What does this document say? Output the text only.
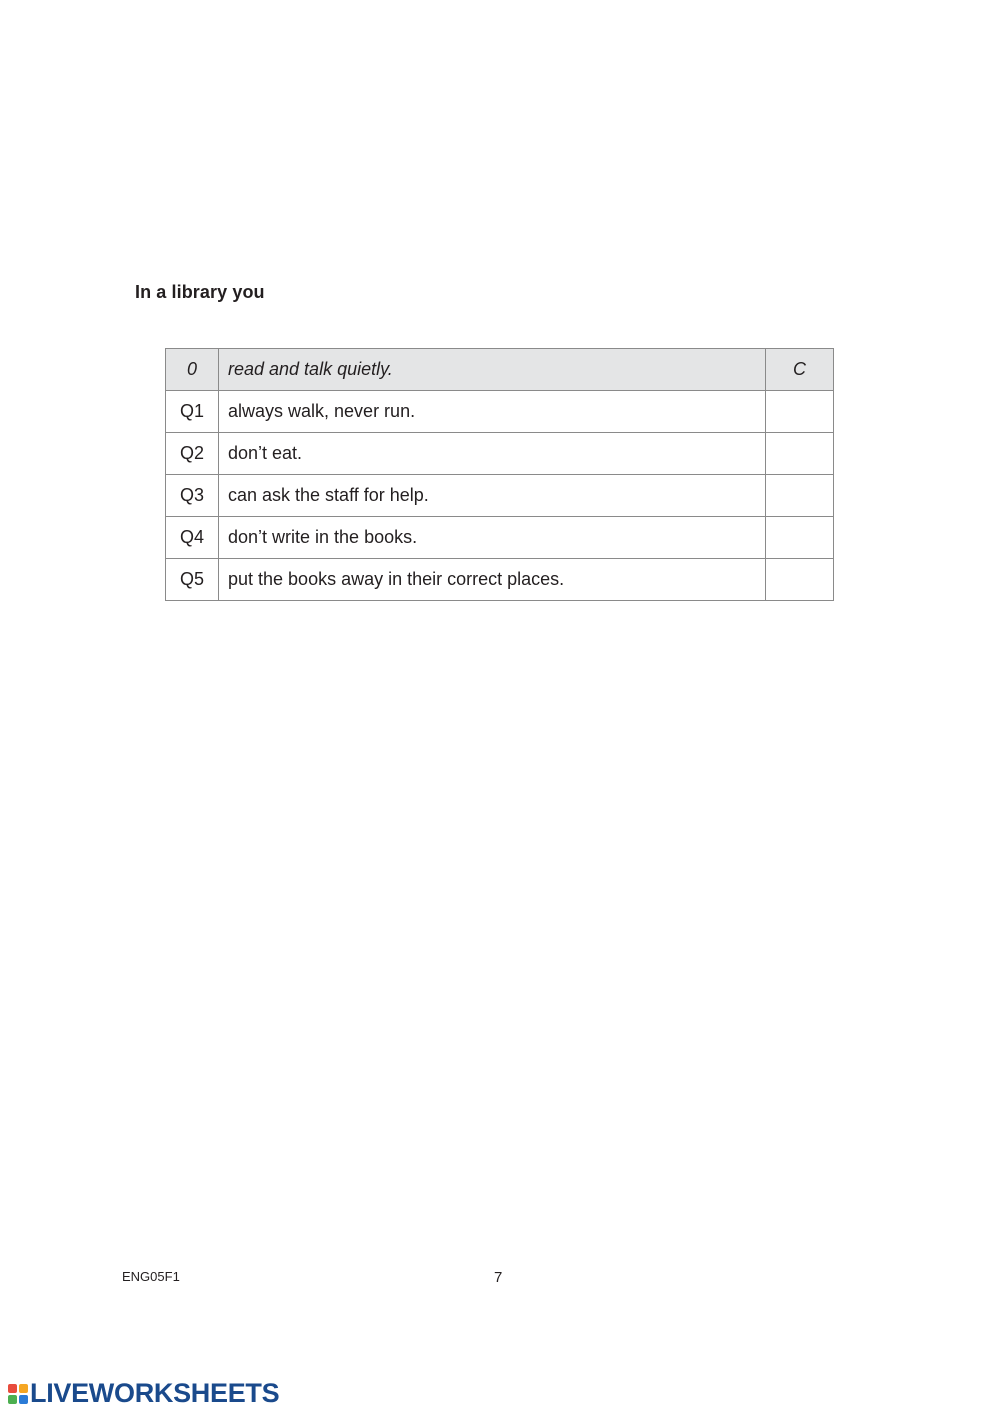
In a library you
0	read and talk quietly.	C
Q1	always walk, never run.	
Q2	don’t eat.	
Q3	can ask the staff for help.	
Q4	don’t write in the books.	
Q5	put the books away in their correct places.	
ENG05F1	7
LIVEWORKSHEETS
